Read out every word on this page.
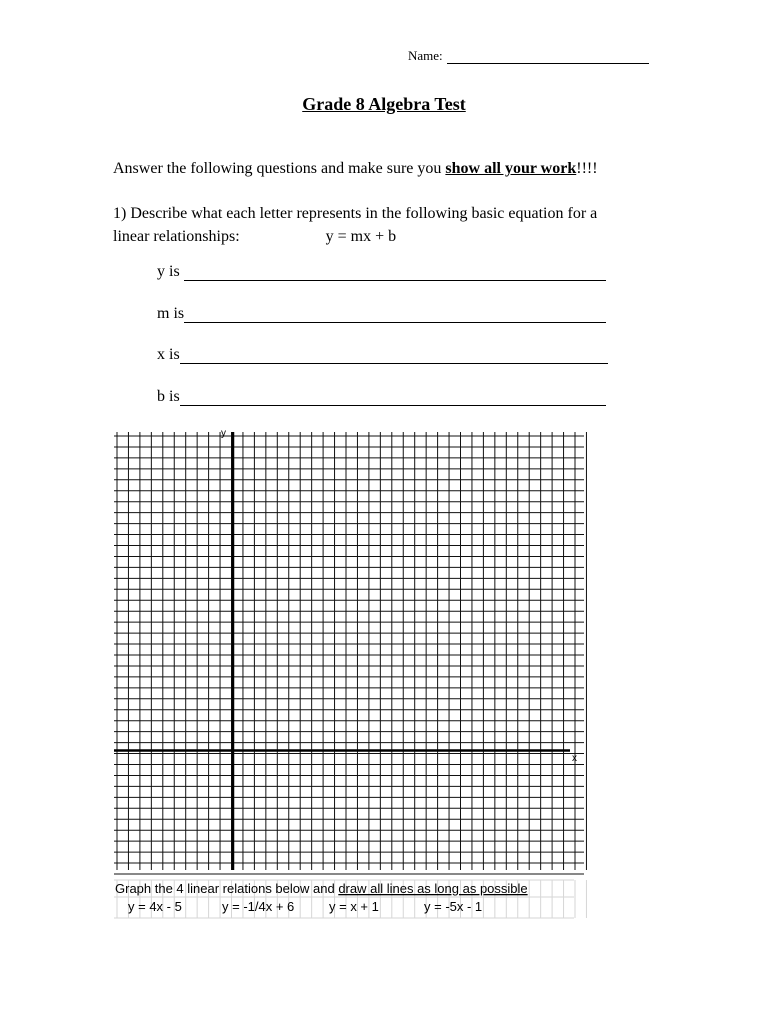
Name:
Grade 8 Algebra Test
Answer the following questions and make sure you show all your work!!!!
1) Describe what each letter represents in the following basic equation for a
linear relationships:	y = mx + b
y is
m is
x is
b is
y
x
Graph the 4 linear relations below and draw all lines as long as possible
y = 4x - 5	y = -1/4x + 6	y = x + 1	y = -5x - 1
